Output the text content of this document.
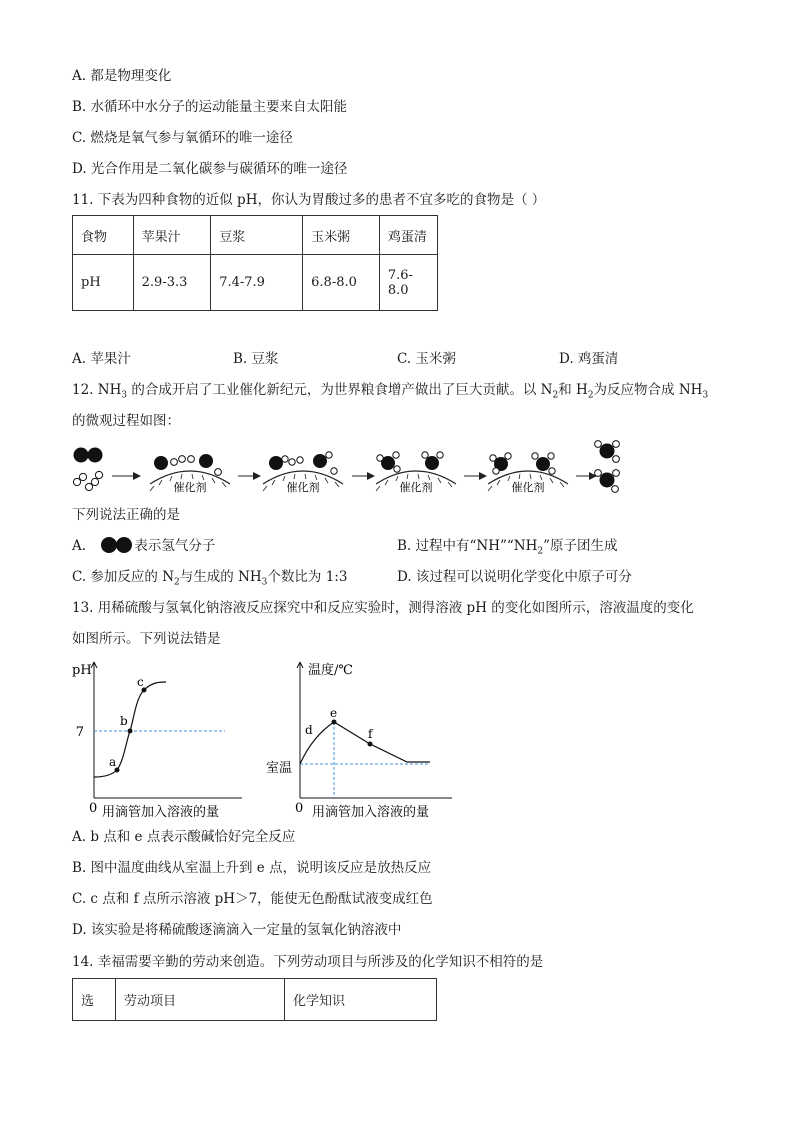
A. 都是物理变化
B. 水循环中水分子的运动能量主要来自太阳能
C. 燃烧是氧气参与氧循环的唯一途径
D. 光合作用是二氧化碳参与碳循环的唯一途径
11. 下表为四种食物的近似 pH，你认为胃酸过多的患者不宜多吃的食物是（ ）
食物	苹果汁	豆浆	玉米粥	鸡蛋清
pH	2.9-3.3	7.4-7.9	6.8-8.0	7.6-8.0
A. 苹果汁	B. 豆浆	C. 玉米粥	D. 鸡蛋清
12. $NH_3$ 的合成开启了工业催化新纪元，为世界粮食增产做出了巨大贡献。以 $N_2$和 $H_2$为反应物合成 $NH_3$
的微观过程如图：
催化剂	催化剂	催化剂	催化剂
下列说法正确的是
A.	表示氢气分子	B. 过程中有“$NH”“NH_2$”原子团生成
C. 参加反应的 $N_2$与生成的 $NH_3$个数比为 1:3	D. 该过程可以说明化学变化中原子可分
13. 用稀硫酸与氢氧化钠溶液反应探究中和反应实验时，测得溶液 pH 的变化如图所示，溶液温度的变化
如图所示。下列说法错是
pH
7
a
b
c
0 用滴管加入溶液的量
温度/℃
室温
d
e
f
0 用滴管加入溶液的量
A. b 点和 e 点表示酸碱恰好完全反应
B. 图中温度曲线从室温上升到 e 点，说明该反应是放热反应
C. c 点和 f 点所示溶液 pH＞7，能使无色酚酞试液变成红色
D. 该实验是将稀硫酸逐滴滴入一定量的氢氧化钠溶液中
14. 幸福需要辛勤的劳动来创造。下列劳动项目与所涉及的化学知识不相符的是
选	劳动项目	化学知识
